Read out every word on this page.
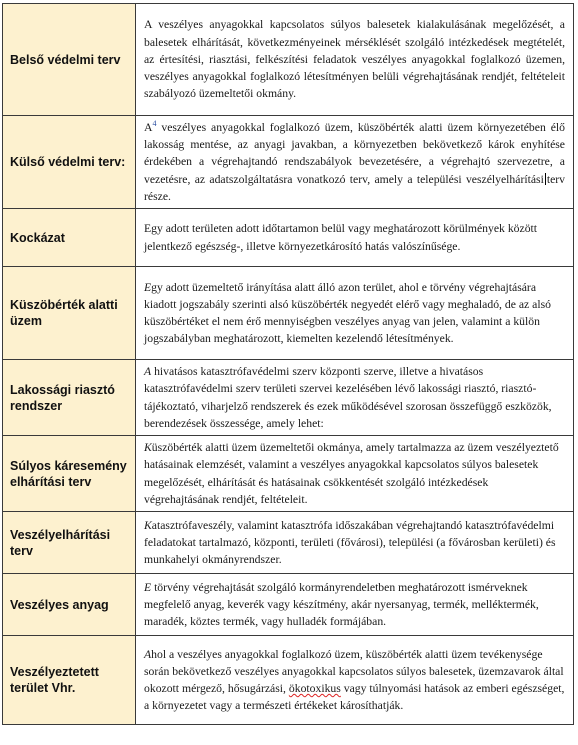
Belső védelmi terv	A veszélyes anyagokkal kapcsolatos súlyos balesetek kialakulásának megelőzését, a balesetek elhárítását, következményeinek mérséklését szolgáló intézkedések megtételét, az értesítési, riasztási, felkészítési feladatok veszélyes anyagokkal foglalkozó üzemen, veszélyes anyagokkal foglalkozó létesítményen belüli végrehajtásának rendjét, feltételeit szabályozó üzemeltetői okmány.
Külső védelmi terv:	$A^4$ veszélyes anyagokkal foglalkozó üzem, küszöbérték alatti üzem környezetében élő lakosság mentése, az anyagi javakban, a környezetben bekövetkező károk enyhítése érdekében a végrehajtandó rendszabályok bevezetésére, a végrehajtó szervezetre, a vezetésre, az adatszolgáltatásra vonatkozó terv, amely a települési veszélyelhárítási terv része.
Kockázat	Egy adott területen adott időtartamon belül vagy meghatározott körülmények között jelentkező egészség-, illetve környezetkárosító hatás valószínűsége.
Küszöbérték alatti üzem	Egy adott üzemeltető irányítása alatt álló azon terület, ahol e törvény végrehajtására kiadott jogszabály szerinti alsó küszöbérték negyedét elérő vagy meghaladó, de az alsó küszöbértéket el nem érő mennyiségben veszélyes anyag van jelen, valamint a külön jogszabályban meghatározott, kiemelten kezelendő létesítmények.
Lakossági riasztó rendszer	A hivatásos katasztrófavédelmi szerv központi szerve, illetve a hivatásos katasztrófavédelmi szerv területi szervei kezelésében lévő lakossági riasztó, riasztó-tájékoztató, viharjelző rendszerek és ezek működésével szorosan összefüggő eszközök, berendezések összessége, amely lehet:
Súlyos káresemény elhárítási terv	Küszöbérték alatti üzem üzemeltetői okmánya, amely tartalmazza az üzem veszélyeztető hatásainak elemzését, valamint a veszélyes anyagokkal kapcsolatos súlyos balesetek megelőzését, elhárítását és hatásainak csökkentését szolgáló intézkedések végrehajtásának rendjét, feltételeit.
Veszélyelhárítási terv	Katasztrófaveszély, valamint katasztrófa időszakában végrehajtandó katasztrófavédelmi feladatokat tartalmazó, központi, területi (fővárosi), települési (a fővárosban kerületi) és munkahelyi okmányrendszer.
Veszélyes anyag	E törvény végrehajtását szolgáló kormányrendeletben meghatározott ismérveknek megfelelő anyag, keverék vagy készítmény, akár nyersanyag, termék, melléktermék, maradék, köztes termék, vagy hulladék formájában.
Veszélyeztetett terület Vhr.	Ahol a veszélyes anyagokkal foglalkozó üzem, küszöbérték alatti üzem tevékenysége során bekövetkező veszélyes anyagokkal kapcsolatos súlyos balesetek, üzemzavarok által okozott mérgező, hősugárzási, ökotoxikus vagy túlnyomási hatások az emberi egészséget, a környezetet vagy a természeti értékeket károsíthatják.
